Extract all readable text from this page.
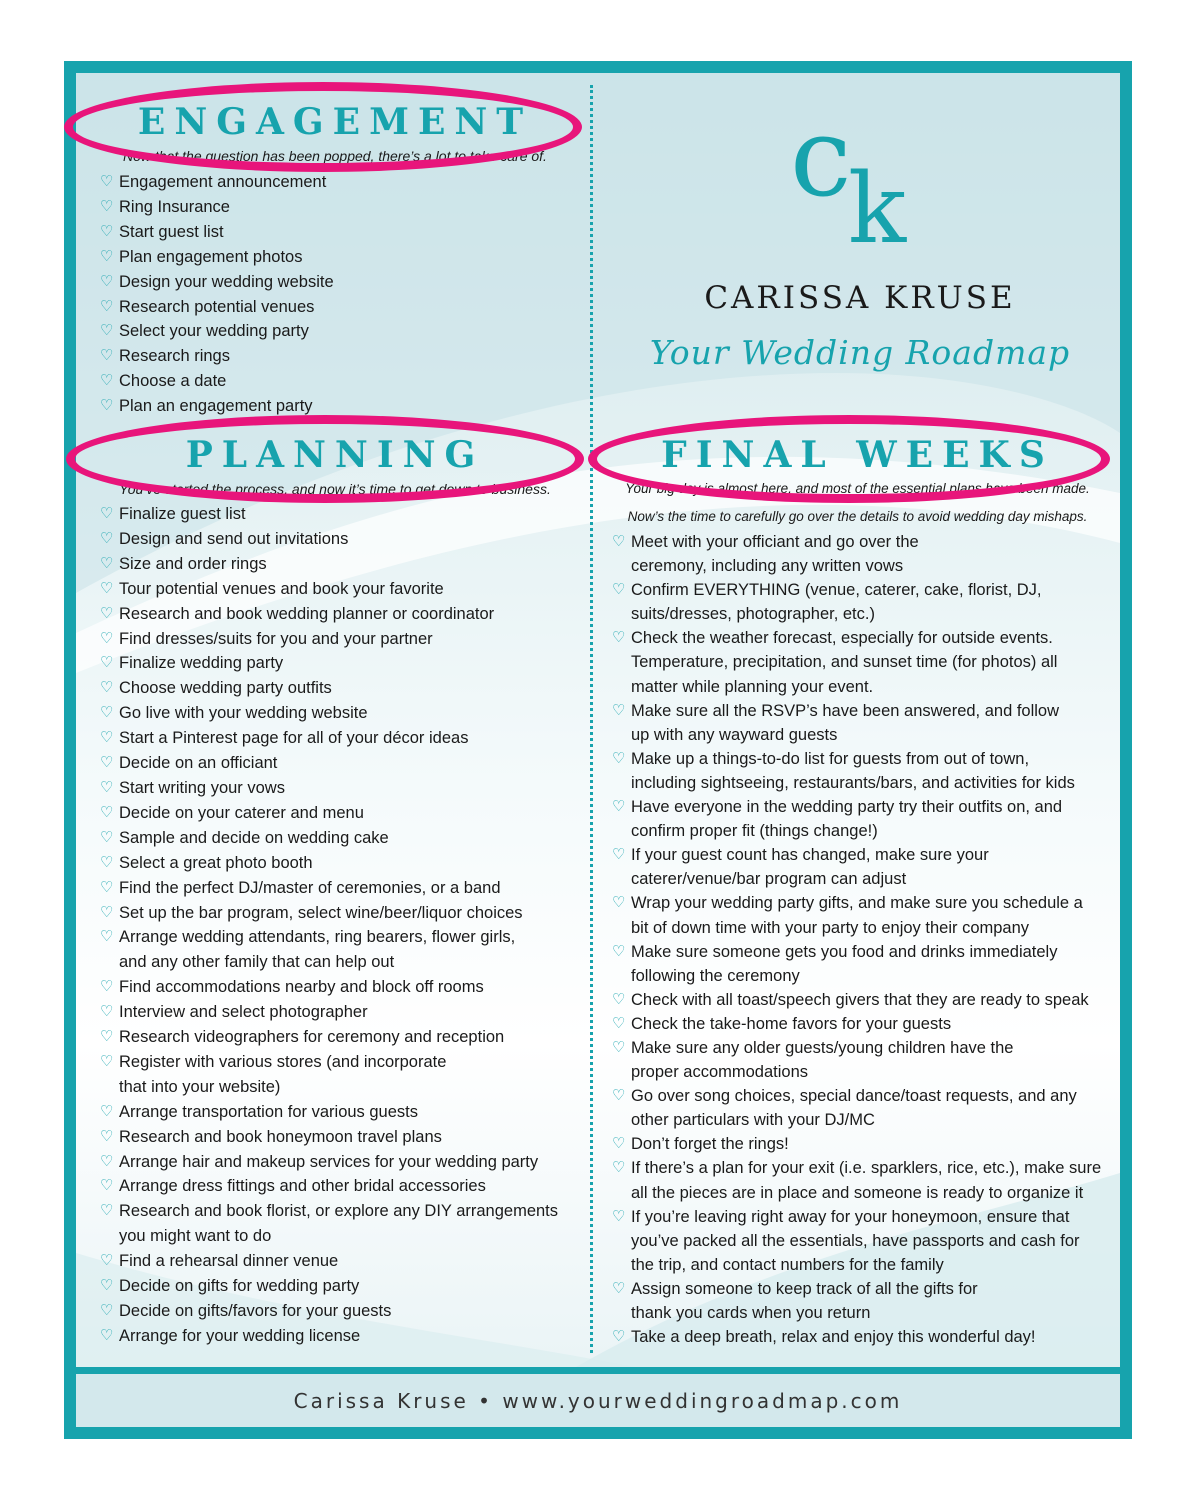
Carissa Kruse • www.yourweddingroadmap.com
ENGAGEMENT

Now that the question has been popped, there’s a lot to take care of.

♡ Engagement announcement
♡ Ring Insurance
♡ Start guest list
♡ Plan engagement photos
♡ Design your wedding website
♡ Research potential venues
♡ Select your wedding party
♡ Research rings
♡ Choose a date
♡ Plan an engagement party
PLANNING

You’ve started the process, and now it’s time to get down to business.

♡ Finalize guest list
♡ Design and send out invitations
♡ Size and order rings
♡ Tour potential venues and book your favorite
♡ Research and book wedding planner or coordinator
♡ Find dresses/suits for you and your partner
♡ Finalize wedding party
♡ Choose wedding party outfits
♡ Go live with your wedding website
♡ Start a Pinterest page for all of your décor ideas
♡ Decide on an officiant
♡ Start writing your vows
♡ Decide on your caterer and menu
♡ Sample and decide on wedding cake
♡ Select a great photo booth
♡ Find the perfect DJ/master of ceremonies, or a band
♡ Set up the bar program, select wine/beer/liquor choices
♡ Arrange wedding attendants, ring bearers, flower girls,
and any other family that can help out
♡ Find accommodations nearby and block off rooms
♡ Interview and select photographer
♡ Research videographers for ceremony and reception
♡ Register with various stores (and incorporate
that into your website)
♡ Arrange transportation for various guests
♡ Research and book honeymoon travel plans
♡ Arrange hair and makeup services for your wedding party
♡ Arrange dress fittings and other bridal accessories
♡ Research and book florist, or explore any DIY arrangements
you might want to do
♡ Find a rehearsal dinner venue
♡ Decide on gifts for wedding party
♡ Decide on gifts/favors for your guests
♡ Arrange for your wedding license
c
k
CARISSA KRUSE
Your Wedding Roadmap
FINAL WEEKS

Your big day is almost here, and most of the essential plans have been made.

Now’s the time to carefully go over the details to avoid wedding day mishaps.

♡ Meet with your officiant and go over the
ceremony, including any written vows
♡ Confirm EVERYTHING (venue, caterer, cake, florist, DJ,
suits/dresses, photographer, etc.)
♡ Check the weather forecast, especially for outside events.
Temperature, precipitation, and sunset time (for photos) all
matter while planning your event.
♡ Make sure all the RSVP’s have been answered, and follow
up with any wayward guests
♡ Make up a things-to-do list for guests from out of town,
including sightseeing, restaurants/bars, and activities for kids
♡ Have everyone in the wedding party try their outfits on, and
confirm proper fit (things change!)
♡ If your guest count has changed, make sure your
caterer/venue/bar program can adjust
♡ Wrap your wedding party gifts, and make sure you schedule a
bit of down time with your party to enjoy their company
♡ Make sure someone gets you food and drinks immediately
following the ceremony
♡ Check with all toast/speech givers that they are ready to speak
♡ Check the take-home favors for your guests
♡ Make sure any older guests/young children have the
proper accommodations
♡ Go over song choices, special dance/toast requests, and any
other particulars with your DJ/MC
♡ Don’t forget the rings!
♡ If there’s a plan for your exit (i.e. sparklers, rice, etc.), make sure
all the pieces are in place and someone is ready to organize it
♡ If you’re leaving right away for your honeymoon, ensure that
you’ve packed all the essentials, have passports and cash for
the trip, and contact numbers for the family
♡ Assign someone to keep track of all the gifts for
thank you cards when you return
♡ Take a deep breath, relax and enjoy this wonderful day!
